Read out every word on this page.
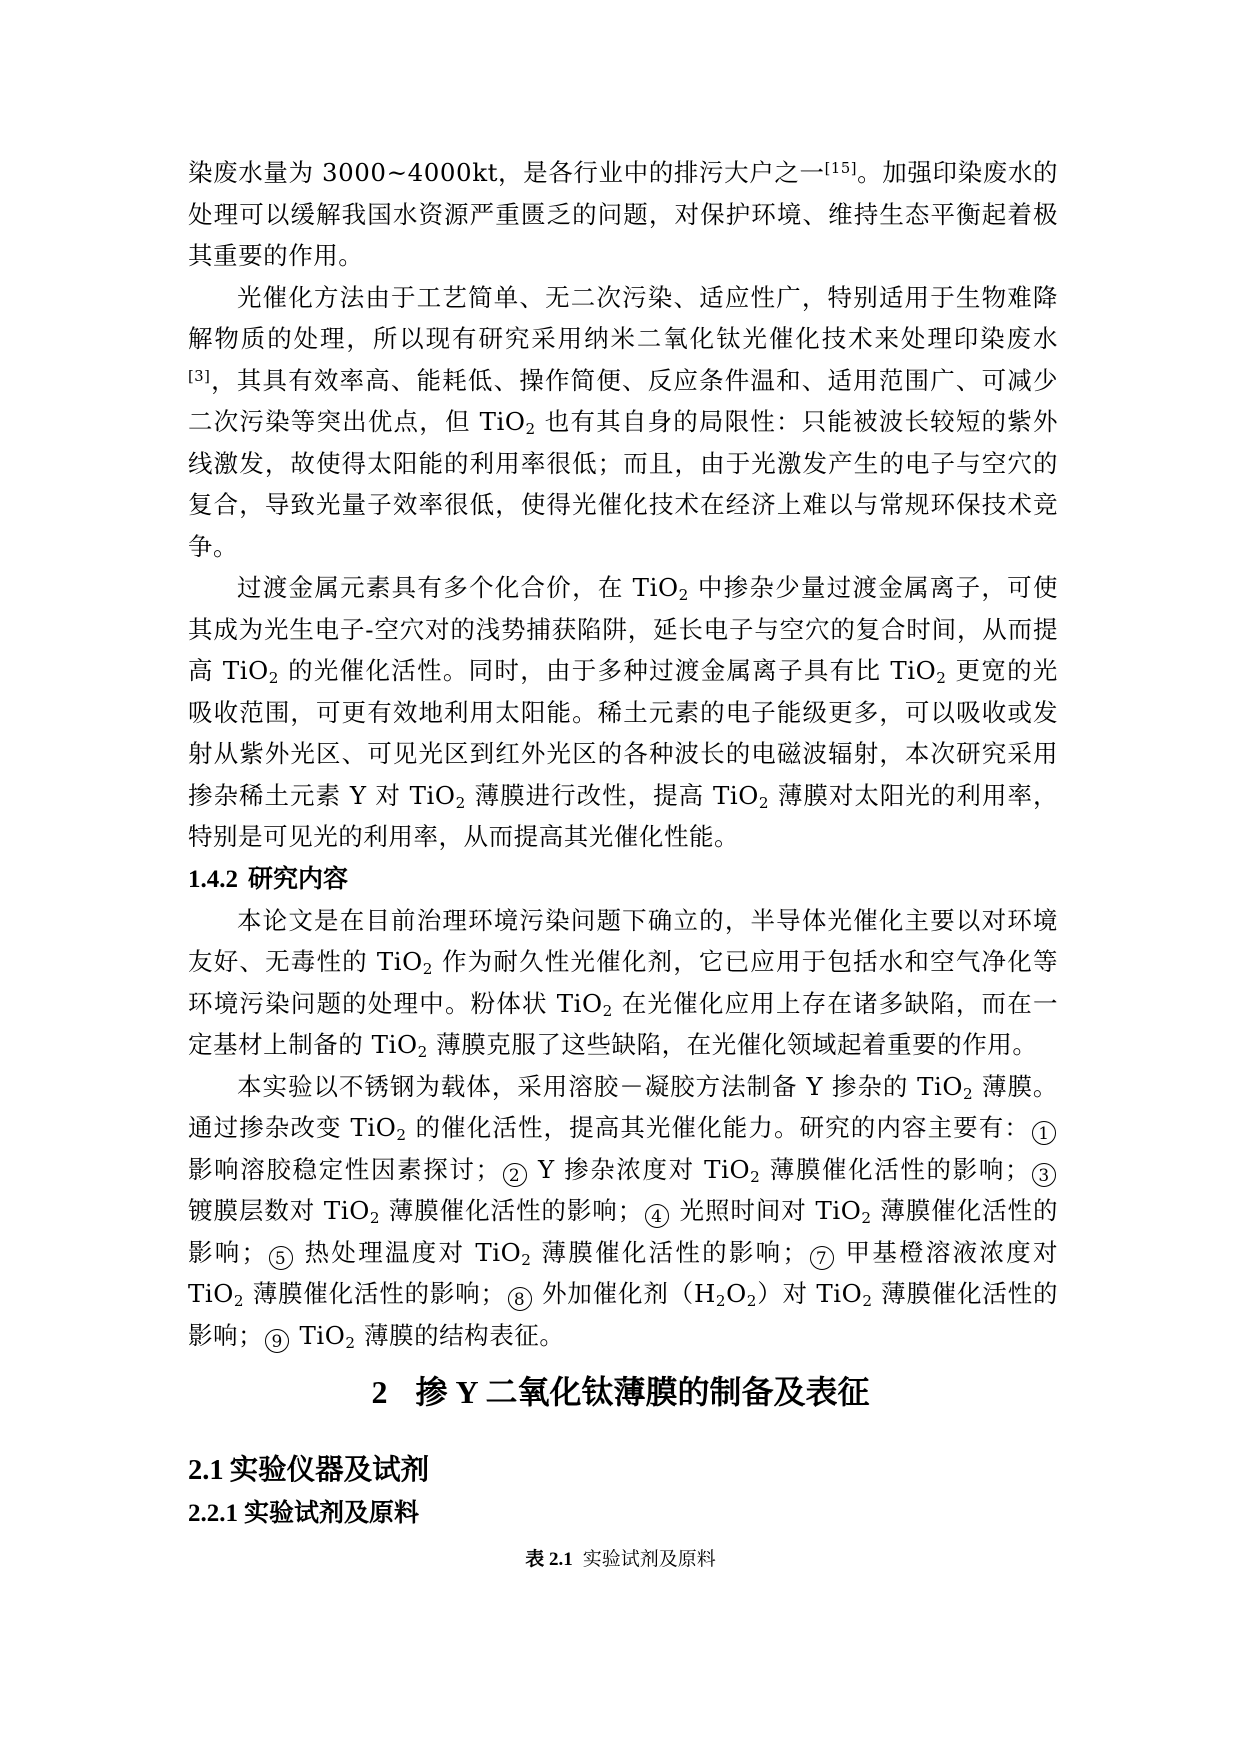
染废水量为 3000~4000kt，是各行业中的排污大户之一[15]。加强印染废水的处理可以缓解我国水资源严重匮乏的问题，对保护环境、维持生态平衡起着极其重要的作用。

光催化方法由于工艺简单、无二次污染、适应性广，特别适用于生物难降解物质的处理，所以现有研究采用纳米二氧化钛光催化技术来处理印染废水[3]，其具有效率高、能耗低、操作简便、反应条件温和、适用范围广、可减少二次污染等突出优点，但 TiO$_2$ 也有其自身的局限性：只能被波长较短的紫外线激发，故使得太阳能的利用率很低；而且，由于光激发产生的电子与空穴的复合，导致光量子效率很低，使得光催化技术在经济上难以与常规环保技术竞争。

过渡金属元素具有多个化合价，在 TiO$_2$ 中掺杂少量过渡金属离子，可使其成为光生电子-空穴对的浅势捕获陷阱，延长电子与空穴的复合时间，从而提高 TiO$_2$ 的光催化活性。同时，由于多种过渡金属离子具有比 TiO$_2$ 更宽的光吸收范围，可更有效地利用太阳能。稀土元素的电子能级更多，可以吸收或发射从紫外光区、可见光区到红外光区的各种波长的电磁波辐射，本次研究采用掺杂稀土元素 Y 对 TiO$_2$ 薄膜进行改性，提高 TiO$_2$ 薄膜对太阳光的利用率，特别是可见光的利用率，从而提高其光催化性能。

1.4.2 研究内容

本论文是在目前治理环境污染问题下确立的，半导体光催化主要以对环境友好、无毒性的 TiO$_2$ 作为耐久性光催化剂，它已应用于包括水和空气净化等环境污染问题的处理中。粉体状 TiO$_2$ 在光催化应用上存在诸多缺陷，而在一定基材上制备的 TiO$_2$ 薄膜克服了这些缺陷，在光催化领域起着重要的作用。

本实验以不锈钢为载体，采用溶胶－凝胶方法制备 Y 掺杂的 TiO$_2$ 薄膜。通过掺杂改变 TiO$_2$ 的催化活性，提高其光催化能力。研究的内容主要有： 1 影响溶胶稳定性因素探讨； 2 Y 掺杂浓度对 TiO$_2$ 薄膜催化活性的影响； 3 镀膜层数对 TiO$_2$ 薄膜催化活性的影响； 4 光照时间对 TiO$_2$ 薄膜催化活性的影响； 5 热处理温度对 TiO$_2$ 薄膜催化活性的影响； 7 甲基橙溶液浓度对 TiO$_2$ 薄膜催化活性的影响； 8 外加催化剂$(H_2O_2)$对 TiO$_2$ 薄膜催化活性的影响； 9 TiO$_2$ 薄膜的结构表征。

2 掺 Y 二氧化钛薄膜的制备及表征
2.1 实验仪器及试剂
2.2.1 实验试剂及原料
表 2.1 实验试剂及原料
